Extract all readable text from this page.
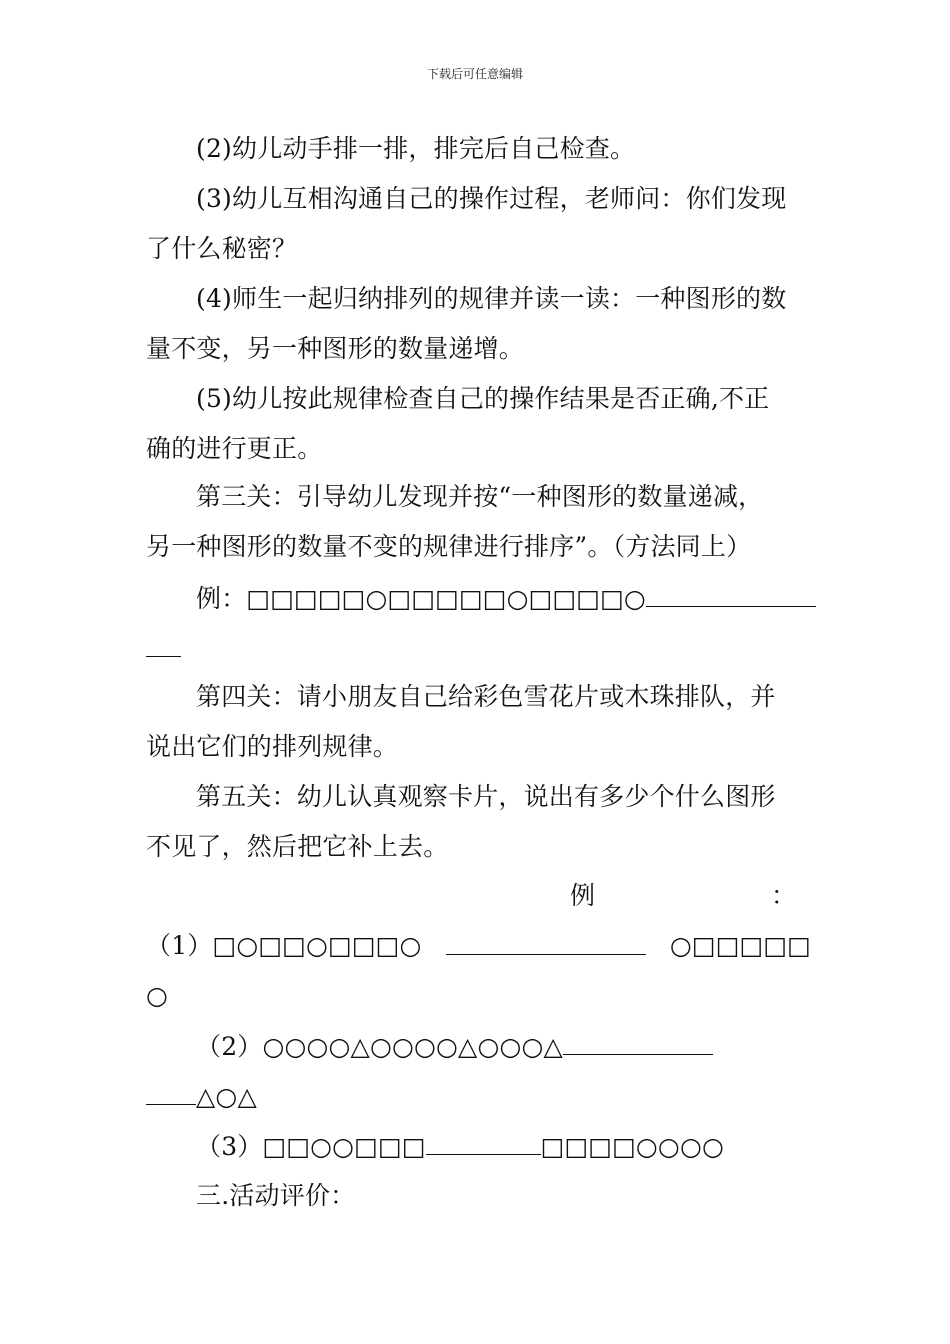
下载后可任意编辑
(2)幼儿动手排一排，排完后自己检查。
(3)幼儿互相沟通自己的操作过程，老师问：你们发现
了什么秘密？
(4)师生一起归纳排列的规律并读一读：一种图形的数
量不变，另一种图形的数量递增。
(5)幼儿按此规律检查自己的操作结果是否正确,不正
确的进行更正。
第三关：引导幼儿发现并按“一种图形的数量递减，
另一种图形的数量不变的规律进行排序”。（方法同上）
例：□□□□□○□□□□□○□□□□○
第四关：请小朋友自己给彩色雪花片或木珠排队，并
说出它们的排列规律。
第五关：幼儿认真观察卡片，说出有多少个什么图形
不见了，然后把它补上去。
例	：
（1）□○□□○□□□○	○□□□□□
○
（2）○○○○△○○○○△○○○△
△○△
（3）□□○○□□□	□□□□○○○○
三.活动评价：
